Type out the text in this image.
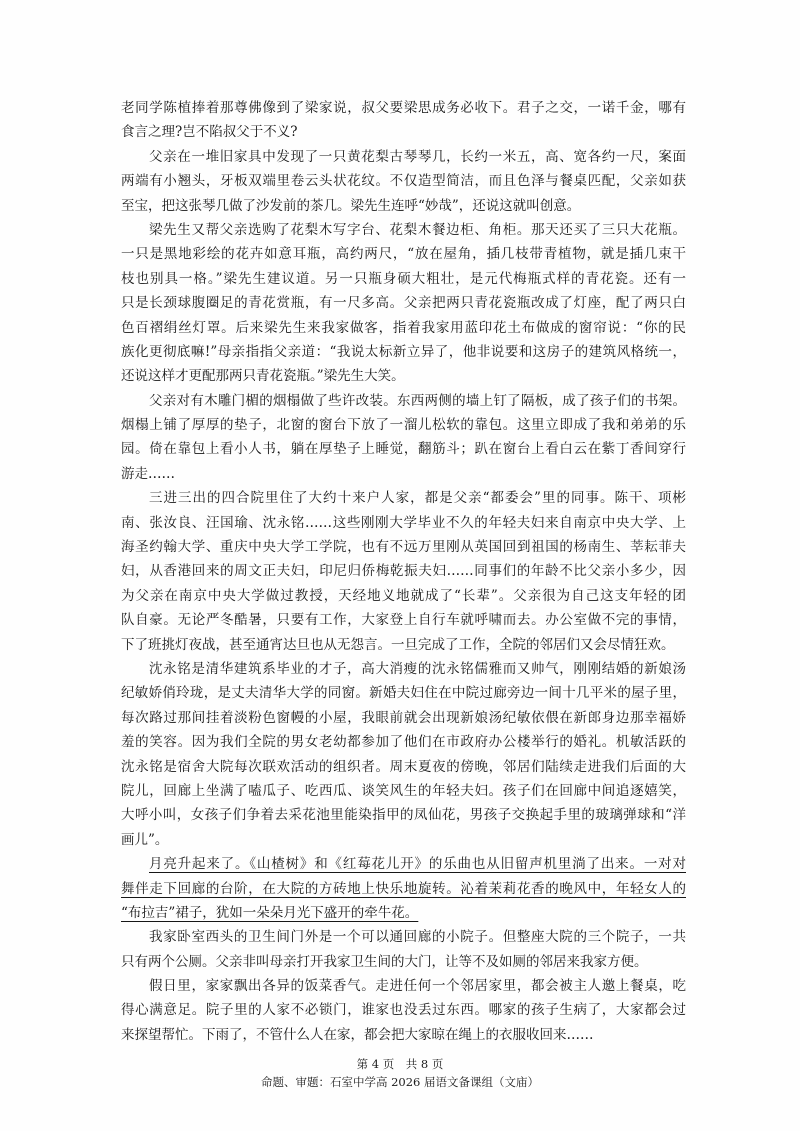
老同学陈植捧着那尊佛像到了梁家说，叔父要梁思成务必收下。君子之交，一诺千金，哪有
食言之理?岂不陷叔父于不义?
父亲在一堆旧家具中发现了一只黄花梨古琴琴几，长约一米五，高、宽各约一尺，案面
两端有小翘头，牙板双端里卷云头状花纹。不仅造型简洁，而且色泽与餐桌匹配，父亲如获
至宝，把这张琴几做了沙发前的茶几。梁先生连呼“妙哉”，还说这就叫创意。
梁先生又帮父亲选购了花梨木写字台、花梨木餐边柜、角柜。那天还买了三只大花瓶。
一只是黑地彩绘的花卉如意耳瓶，高约两尺，“放在屋角，插几枝带青植物，就是插几束干
枝也别具一格。”梁先生建议道。另一只瓶身硕大粗壮，是元代梅瓶式样的青花瓷。还有一
只是长颈球腹圈足的青花赏瓶，有一尺多高。父亲把两只青花瓷瓶改成了灯座，配了两只白
色百褶绢丝灯罩。后来梁先生来我家做客，指着我家用蓝印花土布做成的窗帘说：“你的民
族化更彻底嘛!”母亲指指父亲道：“我说太标新立异了，他非说要和这房子的建筑风格统一，
还说这样才更配那两只青花瓷瓶。”梁先生大笑。
父亲对有木雕门楣的烟榻做了些许改装。东西两侧的墙上钉了隔板，成了孩子们的书架。
烟榻上铺了厚厚的垫子，北窗的窗台下放了一溜儿松软的靠包。这里立即成了我和弟弟的乐
园。倚在靠包上看小人书，躺在厚垫子上睡觉，翻筋斗；趴在窗台上看白云在紫丁香间穿行
游走……
三进三出的四合院里住了大约十来户人家，都是父亲“都委会”里的同事。陈干、项彬
南、张汝良、汪国瑜、沈永铭……这些刚刚大学毕业不久的年轻夫妇来自南京中央大学、上
海圣约翰大学、重庆中央大学工学院，也有不远万里刚从英国回到祖国的杨南生、莘耘菲夫
妇，从香港回来的周文正夫妇，印尼归侨梅乾振夫妇……同事们的年龄不比父亲小多少，因
为父亲在南京中央大学做过教授，天经地义地就成了“长辈”。父亲很为自己这支年轻的团
队自豪。无论严冬酷暑，只要有工作，大家登上自行车就呼啸而去。办公室做不完的事情，
下了班挑灯夜战，甚至通宵达旦也从无怨言。一旦完成了工作，全院的邻居们又会尽情狂欢。
沈永铭是清华建筑系毕业的才子，高大消瘦的沈永铭儒雅而又帅气，刚刚结婚的新娘汤
纪敏娇俏玲珑，是丈夫清华大学的同窗。新婚夫妇住在中院过廊旁边一间十几平米的屋子里，
每次路过那间挂着淡粉色窗幔的小屋，我眼前就会出现新娘汤纪敏依偎在新郎身边那幸福娇
羞的笑容。因为我们全院的男女老幼都参加了他们在市政府办公楼举行的婚礼。机敏活跃的
沈永铭是宿舍大院每次联欢活动的组织者。周末夏夜的傍晚，邻居们陆续走进我们后面的大
院儿，回廊上坐满了嗑瓜子、吃西瓜、谈笑风生的年轻夫妇。孩子们在回廊中间追逐嬉笑，
大呼小叫，女孩子们争着去采花池里能染指甲的凤仙花，男孩子交换起手里的玻璃弹球和“洋
画儿”。
月亮升起来了。《山楂树》和《红莓花儿开》的乐曲也从旧留声机里淌了出来。一对对
舞伴走下回廊的台阶，在大院的方砖地上快乐地旋转。沁着茉莉花香的晚风中，年轻女人的
“布拉吉”裙子，犹如一朵朵月光下盛开的牵牛花。
我家卧室西头的卫生间门外是一个可以通回廊的小院子。但整座大院的三个院子，一共
只有两个公厕。父亲非叫母亲打开我家卫生间的大门，让等不及如厕的邻居来我家方便。
假日里，家家飘出各异的饭菜香气。走进任何一个邻居家里，都会被主人邀上餐桌，吃
得心满意足。院子里的人家不必锁门，谁家也没丢过东西。哪家的孩子生病了，大家都会过
来探望帮忙。下雨了，不管什么人在家，都会把大家晾在绳上的衣服收回来……
第 4 页　共 8 页
命题、审题：石室中学高 2026 届语文备课组（文庙）
